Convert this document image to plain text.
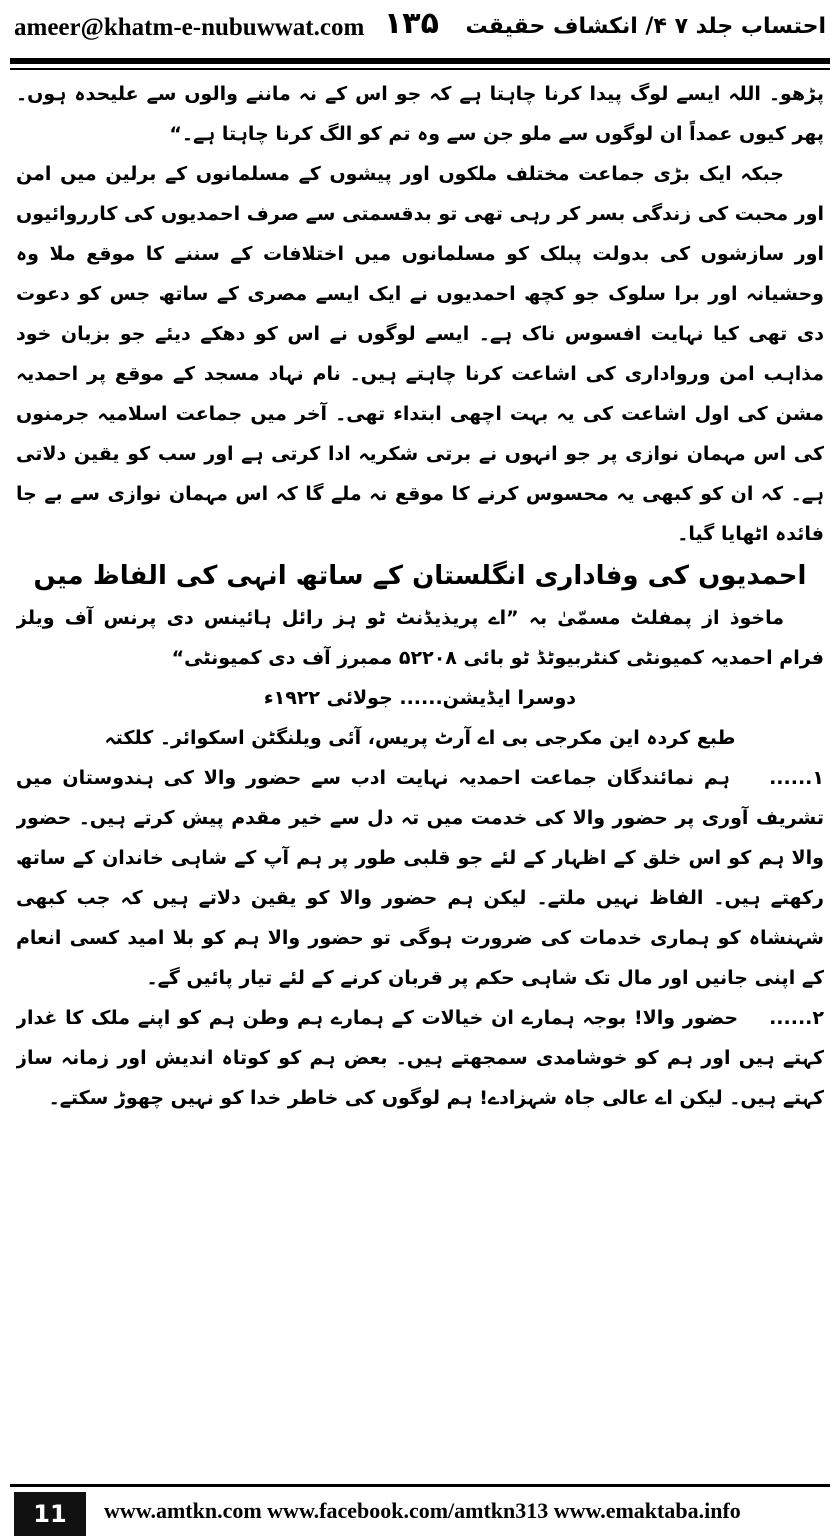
ameer@khatm-e-nubuwwat.com ۱۳۵ احتساب جلد ۷ ۴/ انکشاف حقیقت

پڑھو۔ اللہ ایسے لوگ پیدا کرنا چاہتا ہے کہ جو اس کے نہ ماننے والوں سے علیحدہ ہوں۔ پھر کیوں عمداً ان لوگوں سے ملو جن سے وہ تم کو الگ کرنا چاہتا ہے۔“

جبکہ ایک بڑی جماعت مختلف ملکوں اور پیشوں کے مسلمانوں کے برلین میں امن اور محبت کی زندگی بسر کر رہی تھی تو بدقسمتی سے صرف احمدیوں کی کارروائیوں اور سازشوں کی بدولت پبلک کو مسلمانوں میں اختلافات کے سننے کا موقع ملا وہ وحشیانہ اور برا سلوک جو کچھ احمدیوں نے ایک ایسے مصری کے ساتھ جس کو دعوت دی تھی کیا نہایت افسوس ناک ہے۔ ایسے لوگوں نے اس کو دھکے دیئے جو بزبان خود مذاہب امن ورواداری کی اشاعت کرنا چاہتے ہیں۔ نام نہاد مسجد کے موقع پر احمدیہ مشن کی اول اشاعت کی یہ بہت اچھی ابتداء تھی۔ آخر میں جماعت اسلامیہ جرمنوں کی اس مہمان نوازی پر جو انہوں نے برتی شکریہ ادا کرتی ہے اور سب کو یقین دلاتی ہے۔ کہ ان کو کبھی یہ محسوس کرنے کا موقع نہ ملے گا کہ اس مہمان نوازی سے بے جا فائدہ اٹھایا گیا۔

احمدیوں کی وفاداری انگلستان کے ساتھ انہی کی الفاظ میں

ماخوذ از پمفلٹ مسمّیٰ بہ ”اے پریذیڈنٹ ٹو ہز رائل ہائینس دی پرنس آف ویلز فرام احمدیہ کمیونٹی کنٹربیوٹڈ ٹو بائی ۵۲۲۰۸ ممبرز آف دی کمیونٹی“

دوسرا ایڈیشن...... جولائی ۱۹۲۲ء

طبع کردہ این مکرجی بی اے آرٹ پریس، آئی ویلنگٹن اسکوائر۔ کلکتہ

۱......    ہم نمائندگان جماعت احمدیہ نہایت ادب سے حضور والا کی ہندوستان میں تشریف آوری پر حضور والا کی خدمت میں تہ دل سے خیر مقدم پیش کرتے ہیں۔ حضور والا ہم کو اس خلق کے اظہار کے لئے جو قلبی طور پر ہم آپ کے شاہی خاندان کے ساتھ رکھتے ہیں۔ الفاظ نہیں ملتے۔ لیکن ہم حضور والا کو یقین دلاتے ہیں کہ جب کبھی شہنشاہ کو ہماری خدمات کی ضرورت ہوگی تو حضور والا ہم کو بلا امید کسی انعام کے اپنی جانیں اور مال تک شاہی حکم پر قربان کرنے کے لئے تیار پائیں گے۔

۲......    حضور والا! بوجہ ہمارے ان خیالات کے ہمارے ہم وطن ہم کو اپنے ملک کا غدار کہتے ہیں اور ہم کو خوشامدی سمجھتے ہیں۔ بعض ہم کو کوتاہ اندیش اور زمانہ ساز کہتے ہیں۔ لیکن اے عالی جاہ شہزادے! ہم لوگوں کی خاطر خدا کو نہیں چھوڑ سکتے۔

11	www.amtkn.com www.facebook.com/amtkn313 www.emaktaba.info
